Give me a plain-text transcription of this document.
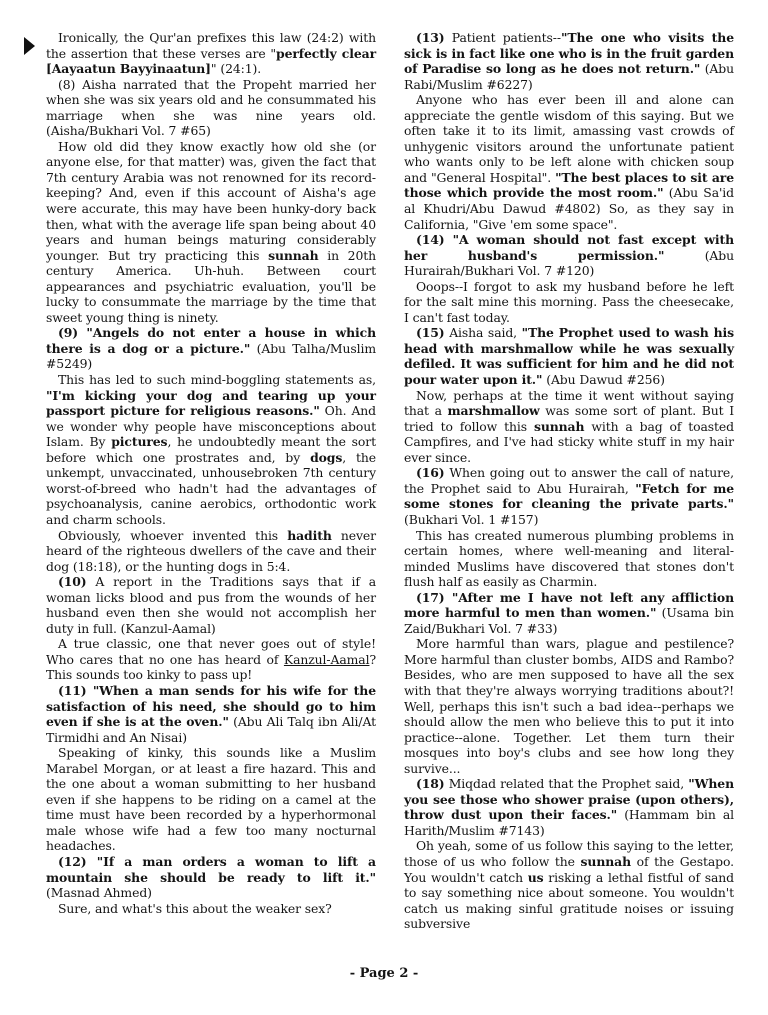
Ironically, the Qur'an prefixes this law (24:2) with the assertion that these verses are "perfectly clear [Aayaatun Bayyinaatun]" (24:1).

(8) Aisha narrated that the Propeht married her when she was six years old and he consummated his marriage when she was nine years old. (Aisha/Bukhari Vol. 7 #65)

How old did they know exactly how old she (or anyone else, for that matter) was, given the fact that 7th century Arabia was not renowned for its record-keeping? And, even if this account of Aisha's age were accurate, this may have been hunky-dory back then, what with the average life span being about 40 years and human beings maturing considerably younger. But try practicing this sunnah in 20th century America. Uh-huh. Between court appearances and psychiatric evaluation, you'll be lucky to consummate the marriage by the time that sweet young thing is ninety.

(9) "Angels do not enter a house in which there is a dog or a picture." (Abu Talha/Muslim #5249)

This has led to such mind-boggling statements as, "I'm kicking your dog and tearing up your passport picture for religious reasons." Oh. And we wonder why people have misconceptions about Islam. By pictures, he undoubtedly meant the sort before which one prostrates and, by dogs, the unkempt, unvaccinated, unhousebroken 7th century worst-of-breed who hadn't had the advantages of psychoanalysis, canine aerobics, orthodontic work and charm schools.

Obviously, whoever invented this hadith never heard of the righteous dwellers of the cave and their dog (18:18), or the hunting dogs in 5:4.

(10) A report in the Traditions says that if a woman licks blood and pus from the wounds of her husband even then she would not accomplish her duty in full. (Kanzul-Aamal)

A true classic, one that never goes out of style! Who cares that no one has heard of Kanzul-Aamal? This sounds too kinky to pass up!

(11) "When a man sends for his wife for the satisfaction of his need, she should go to him even if she is at the oven." (Abu Ali Talq ibn Ali/At Tirmidhi and An Nisai)

Speaking of kinky, this sounds like a Muslim Marabel Morgan, or at least a fire hazard. This and the one about a woman submitting to her husband even if she happens to be riding on a camel at the time must have been recorded by a hyperhormonal male whose wife had a few too many nocturnal headaches.

(12) "If a man orders a woman to lift a mountain she should be ready to lift it." (Masnad Ahmed)

Sure, and what's this about the weaker sex?

(13) Patient patients--"The one who visits the sick is in fact like one who is in the fruit garden of Paradise so long as he does not return." (Abu Rabi/Muslim #6227)

Anyone who has ever been ill and alone can appreciate the gentle wisdom of this saying. But we often take it to its limit, amassing vast crowds of unhygenic visitors around the unfortunate patient who wants only to be left alone with chicken soup and "General Hospital". "The best places to sit are those which provide the most room." (Abu Sa'id al Khudri/Abu Dawud #4802) So, as they say in California, "Give 'em some space".

(14) "A woman should not fast except with her husband's permission." (Abu Hurairah/Bukhari Vol. 7 #120)

Ooops--I forgot to ask my husband before he left for the salt mine this morning. Pass the cheesecake, I can't fast today.

(15) Aisha said, "The Prophet used to wash his head with marshmallow while he was sexually defiled. It was sufficient for him and he did not pour water upon it." (Abu Dawud #256)

Now, perhaps at the time it went without saying that a marshmallow was some sort of plant. But I tried to follow this sunnah with a bag of toasted Campfires, and I've had sticky white stuff in my hair ever since.

(16) When going out to answer the call of nature, the Prophet said to Abu Hurairah, "Fetch for me some stones for cleaning the private parts." (Bukhari Vol. 1 #157)

This has created numerous plumbing problems in certain homes, where well-meaning and literal-minded Muslims have discovered that stones don't flush half as easily as Charmin.

(17) "After me I have not left any affliction more harmful to men than women." (Usama bin Zaid/Bukhari Vol. 7 #33)

More harmful than wars, plague and pestilence? More harmful than cluster bombs, AIDS and Rambo? Besides, who are men supposed to have all the sex with that they're always worrying traditions about?! Well, perhaps this isn't such a bad idea--perhaps we should allow the men who believe this to put it into practice--alone. Together. Let them turn their mosques into boy's clubs and see how long they survive...

(18) Miqdad related that the Prophet said, "When you see those who shower praise (upon others), throw dust upon their faces." (Hammam bin al Harith/Muslim #7143)

Oh yeah, some of us follow this saying to the letter, those of us who follow the sunnah of the Gestapo. You wouldn't catch us risking a lethal fistful of sand to say something nice about someone. You wouldn't catch us making sinful gratitude noises or issuing subversive

- Page 2 -
